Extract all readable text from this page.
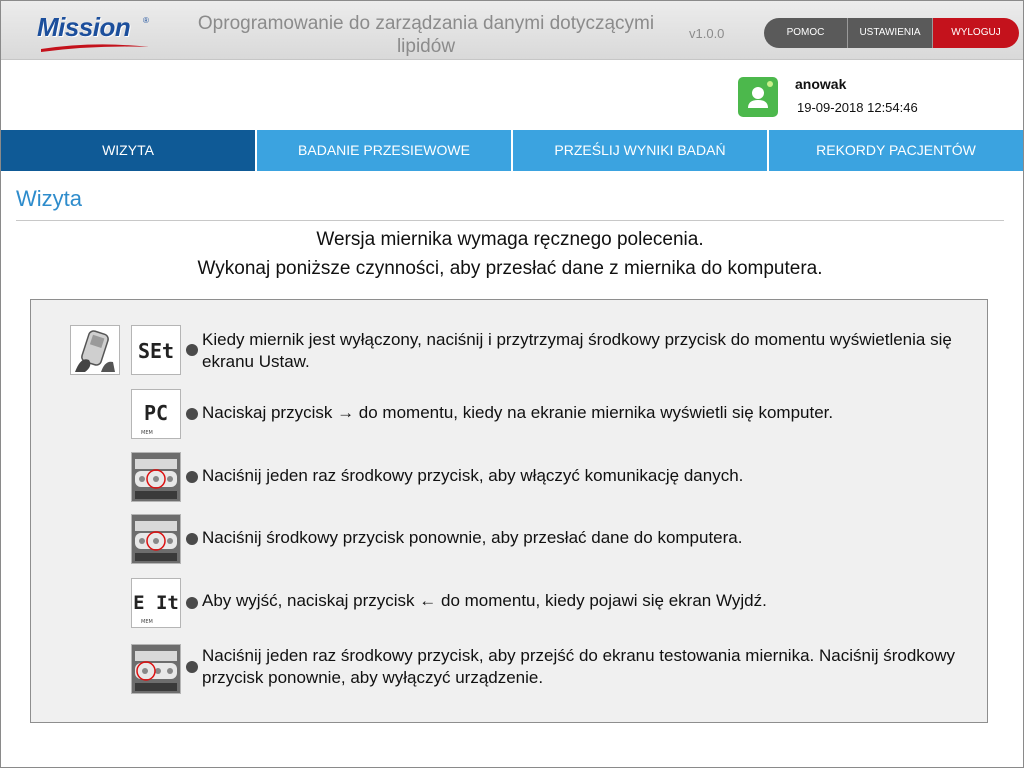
Mission ®	Oprogramowanie do zarządzania danymi dotyczącymi lipidów
v1.0.0	POMOC	USTAWIENIA	WYLOGUJ
anowak
19-09-2018 12:54:46
WIZYTA	BADANIE PRZESIEWOWE	PRZEŚLIJ WYNIKI BADAŃ	REKORDY PACJENTÓW
Wizyta
Wersja miernika wymaga ręcznego polecenia.
Wykonaj poniższe czynności, aby przesłać dane z miernika do komputera.
SEt Kiedy miernik jest wyłączony, naciśnij i przytrzymaj środkowy przycisk do momentu wyświetlenia się ekranu Ustaw.
PC
MEM
Naciskaj przycisk → do momentu, kiedy na ekranie miernika wyświetli się komputer.
Naciśnij jeden raz środkowy przycisk, aby włączyć komunikację danych.
Naciśnij środkowy przycisk ponownie, aby przesłać dane do komputera.
E It
MEM
Aby wyjść, naciskaj przycisk ← do momentu, kiedy pojawi się ekran Wyjdź.
Naciśnij jeden raz środkowy przycisk, aby przejść do ekranu testowania miernika. Naciśnij środkowy przycisk ponownie, aby wyłączyć urządzenie.
